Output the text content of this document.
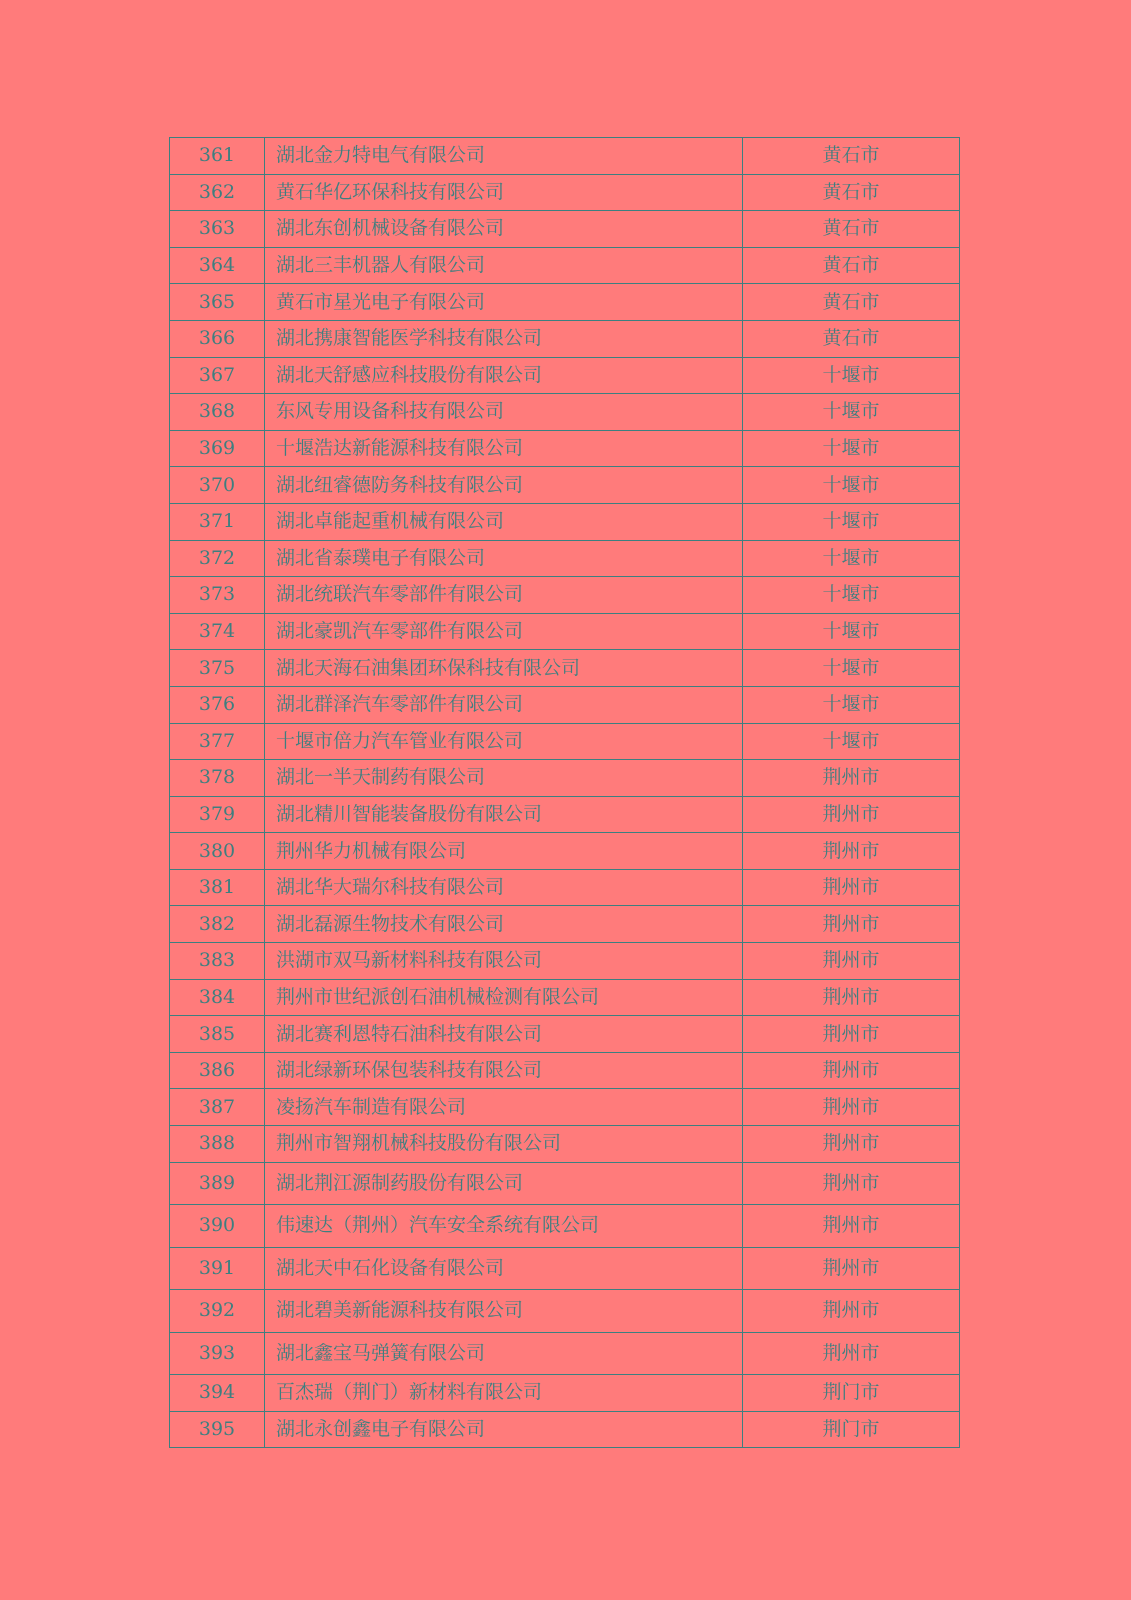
361	湖北金力特电气有限公司	黄石市
362	黄石华亿环保科技有限公司	黄石市
363	湖北东创机械设备有限公司	黄石市
364	湖北三丰机器人有限公司	黄石市
365	黄石市星光电子有限公司	黄石市
366	湖北携康智能医学科技有限公司	黄石市
367	湖北天舒感应科技股份有限公司	十堰市
368	东风专用设备科技有限公司	十堰市
369	十堰浩达新能源科技有限公司	十堰市
370	湖北纽睿德防务科技有限公司	十堰市
371	湖北卓能起重机械有限公司	十堰市
372	湖北省泰璞电子有限公司	十堰市
373	湖北统联汽车零部件有限公司	十堰市
374	湖北豪凯汽车零部件有限公司	十堰市
375	湖北天海石油集团环保科技有限公司	十堰市
376	湖北群泽汽车零部件有限公司	十堰市
377	十堰市倍力汽车管业有限公司	十堰市
378	湖北一半天制药有限公司	荆州市
379	湖北精川智能装备股份有限公司	荆州市
380	荆州华力机械有限公司	荆州市
381	湖北华大瑞尔科技有限公司	荆州市
382	湖北磊源生物技术有限公司	荆州市
383	洪湖市双马新材料科技有限公司	荆州市
384	荆州市世纪派创石油机械检测有限公司	荆州市
385	湖北赛利恩特石油科技有限公司	荆州市
386	湖北绿新环保包装科技有限公司	荆州市
387	凌扬汽车制造有限公司	荆州市
388	荆州市智翔机械科技股份有限公司	荆州市
389	湖北荆江源制药股份有限公司	荆州市
390	伟速达（荆州）汽车安全系统有限公司	荆州市
391	湖北天中石化设备有限公司	荆州市
392	湖北碧美新能源科技有限公司	荆州市
393	湖北鑫宝马弹簧有限公司	荆州市
394	百杰瑞（荆门）新材料有限公司	荆门市
395	湖北永创鑫电子有限公司	荆门市
